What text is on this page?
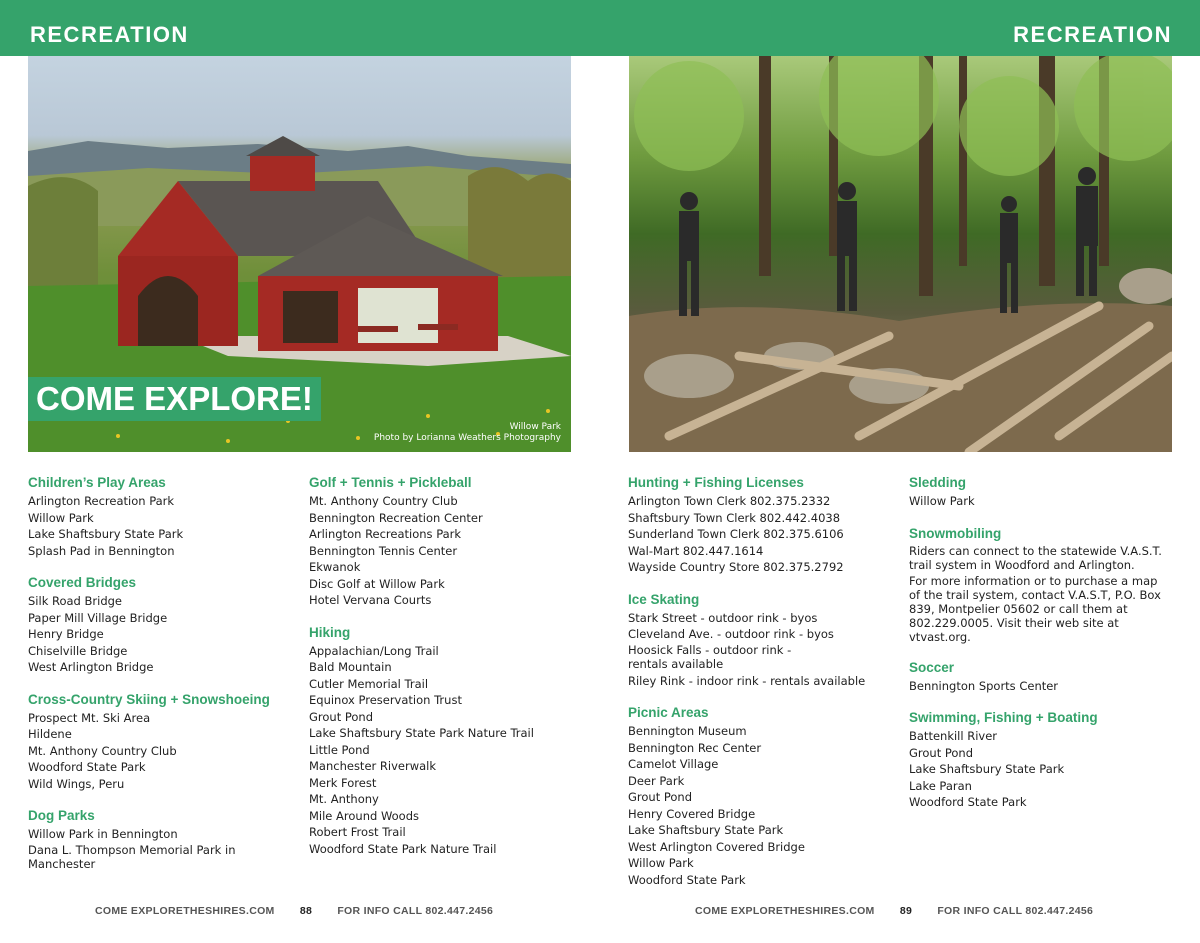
RECREATION	RECREATION
Willow Park
Photo by Lorianna Weathers Photography
COME EXPLORE!
Children’s Play Areas
Arlington Recreation Park
Willow Park
Lake Shaftsbury State Park
Splash Pad in Bennington
Covered Bridges
Silk Road Bridge
Paper Mill Village Bridge
Henry Bridge
Chiselville Bridge
West Arlington Bridge
Cross-Country Skiing + Snowshoeing
Prospect Mt. Ski Area
Hildene
Mt. Anthony Country Club
Woodford State Park
Wild Wings, Peru
Dog Parks
Willow Park in Bennington
Dana L. Thompson Memorial Park in Manchester
Golf + Tennis + Pickleball
Mt. Anthony Country Club
Bennington Recreation Center
Arlington Recreations Park
Bennington Tennis Center
Ekwanok
Disc Golf at Willow Park
Hotel Vervana Courts
Hiking
Appalachian/Long Trail
Bald Mountain
Cutler Memorial Trail
Equinox Preservation Trust
Grout Pond
Lake Shaftsbury State Park Nature Trail
Little Pond
Manchester Riverwalk
Merk Forest
Mt. Anthony
Mile Around Woods
Robert Frost Trail
Woodford State Park Nature Trail
Hunting + Fishing Licenses
Arlington Town Clerk 802.375.2332
Shaftsbury Town Clerk 802.442.4038
Sunderland Town Clerk 802.375.6106
Wal-Mart 802.447.1614
Wayside Country Store 802.375.2792
Ice Skating
Stark Street - outdoor rink - byos
Cleveland Ave. - outdoor rink - byos
Hoosick Falls - outdoor rink - rentals available
Riley Rink - indoor rink - rentals available
Picnic Areas
Bennington Museum
Bennington Rec Center
Camelot Village
Deer Park
Grout Pond
Henry Covered Bridge
Lake Shaftsbury State Park
West Arlington Covered Bridge
Willow Park
Woodford State Park
Sledding
Willow Park
Snowmobiling
Riders can connect to the statewide V.A.S.T. trail system in Woodford and Arlington.
For more information or to purchase a map of the trail system, contact V.A.S.T, P.O. Box 839, Montpelier 05602 or call them at 802.229.0005. Visit their web site at vtvast.org.
Soccer
Bennington Sports Center
Swimming, Fishing + Boating
Battenkill River
Grout Pond
Lake Shaftsbury State Park
Lake Paran
Woodford State Park
COME EXPLORETHESHIRES.COM 88 FOR INFO CALL 802.447.2456	COME EXPLORETHESHIRES.COM 89 FOR INFO CALL 802.447.2456
